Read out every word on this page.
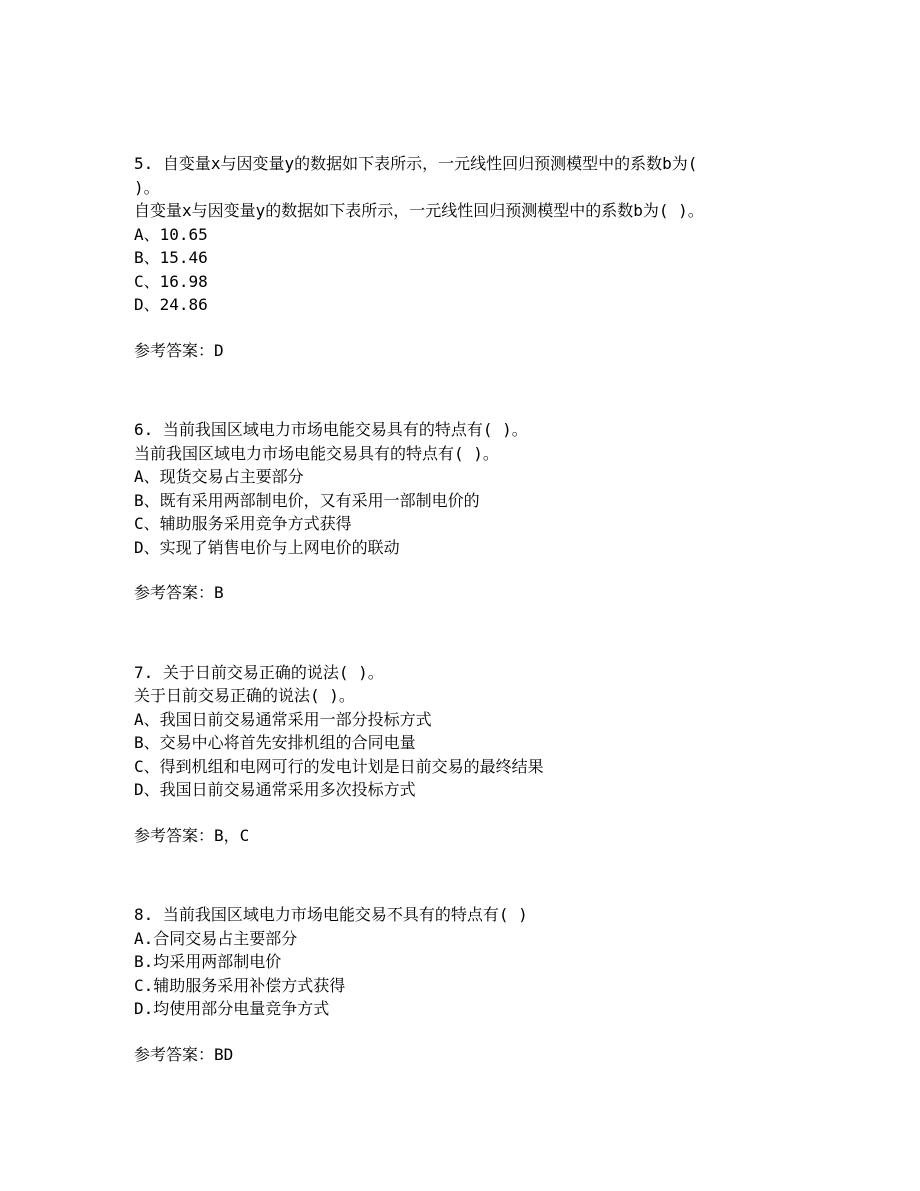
5. 自变量x与因变量y的数据如下表所示，一元线性回归预测模型中的系数b为(
)。
自变量x与因变量y的数据如下表所示，一元线性回归预测模型中的系数b为( )。
A、10.65
B、15.46
C、16.98
D、24.86
参考答案：D
6. 当前我国区域电力市场电能交易具有的特点有( )。
当前我国区域电力市场电能交易具有的特点有( )。
A、现货交易占主要部分
B、既有采用两部制电价，又有采用一部制电价的
C、辅助服务采用竞争方式获得
D、实现了销售电价与上网电价的联动
参考答案：B
7. 关于日前交易正确的说法( )。
关于日前交易正确的说法( )。
A、我国日前交易通常采用一部分投标方式
B、交易中心将首先安排机组的合同电量
C、得到机组和电网可行的发电计划是日前交易的最终结果
D、我国日前交易通常采用多次投标方式
参考答案：B，C
8. 当前我国区域电力市场电能交易不具有的特点有( )
A.合同交易占主要部分
B.均采用两部制电价
C.辅助服务采用补偿方式获得
D.均使用部分电量竞争方式
参考答案：BD
